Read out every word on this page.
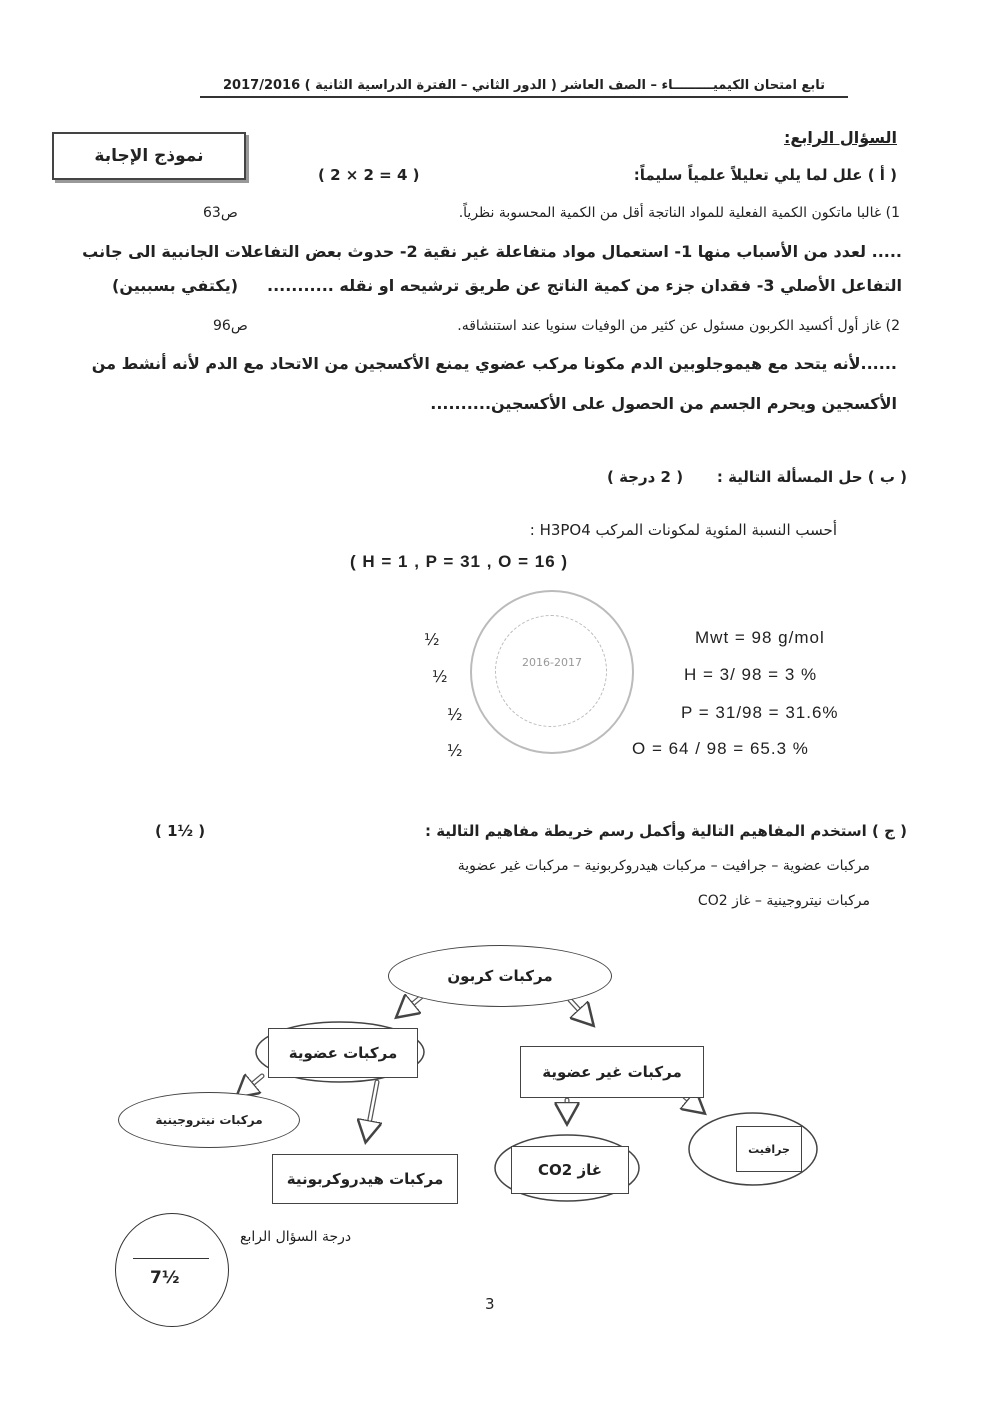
تابع امتحان الكيميـــــــــاء – الصف العاشر ( الدور الثاني – الفترة الدراسية الثانية ) 2017/2016
نموذج الإجابة
السؤال الرابع:
( أ ) علل لما يلي تعليلاً علمياً سليماً:
( 2 × 2 = 4 )
1) غالبا ماتكون الكمية الفعلية للمواد الناتجة أقل من الكمية المحسوبة نظرياً.
ص63
..... لعدد من الأسباب منها 1- استعمال مواد متفاعلة غير نقية 2- حدوث بعض التفاعلات الجانبية الى جانب
التفاعل الأصلي 3- فقدان جزء من كمية الناتج عن طريق ترشيحه او نقله ...........
(يكتفي بسببين)
2) غاز أول أكسيد الكربون مسئول عن كثير من الوفيات سنويا عند استنشاقه.
ص96
......لأنه يتحد مع هيموجلوبين الدم مكونا مركب عضوي يمنع الأكسجين من الاتحاد مع الدم لأنه أنشط من
الأكسجين ويحرم الجسم من الحصول على الأكسجين..........
( ب ) حل المسألة التالية :
( 2 درجة )
أحسب النسبة المئوية لمكونات المركب H3PO4 :
( H = 1 , P = 31 , O = 16 )
2016-2017
½	Mwt = 98 g/mol
½	H = 3/ 98 = 3 %
½	P = 31/98 = 31.6%
½	O = 64 / 98 = 65.3 %
( ج ) استخدم المفاهيم التالية وأكمل رسم خريطة مفاهيم التالية :
( 1½ )
مركبات عضوية – جرافيت – مركبات هيدروكربونية – مركبات غير عضوية
مركبات نيتروجينية – غاز CO2
مركبات كربون
مركبات عضوية
مركبات غير عضوية
مركبات نيتروجينية
مركبات هيدروكربونية	غاز CO2
جرافيت
7½
درجة السؤال الرابع
3
